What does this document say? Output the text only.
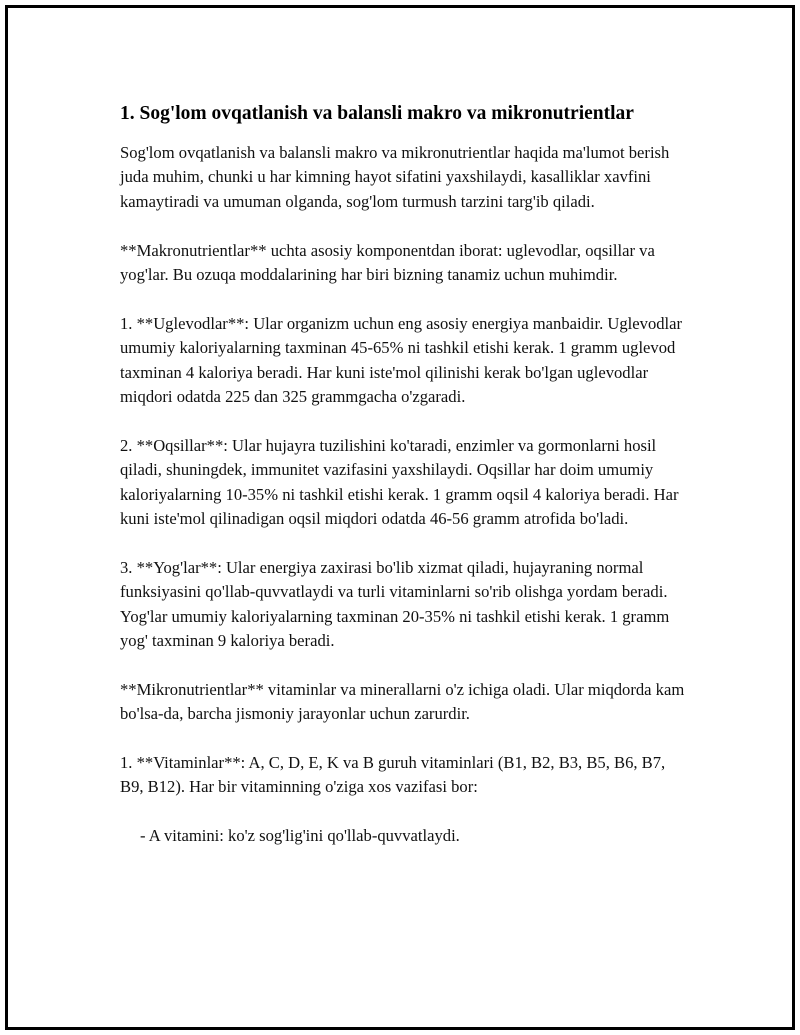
1. Sog'lom ovqatlanish va balansli makro va mikronutrientlar

Sog'lom ovqatlanish va balansli makro va mikronutrientlar haqida ma'lumot berish juda muhim, chunki u har kimning hayot sifatini yaxshilaydi, kasalliklar xavfini kamaytiradi va umuman olganda, sog'lom turmush tarzini targ'ib qiladi.

**Makronutrientlar** uchta asosiy komponentdan iborat: uglevodlar, oqsillar va yog'lar. Bu ozuqa moddalarining har biri bizning tanamiz uchun muhimdir.

1. **Uglevodlar**: Ular organizm uchun eng asosiy energiya manbaidir. Uglevodlar umumiy kaloriyalarning taxminan 45-65% ni tashkil etishi kerak. 1 gramm uglevod taxminan 4 kaloriya beradi. Har kuni iste'mol qilinishi kerak bo'lgan uglevodlar miqdori odatda 225 dan 325 grammgacha o'zgaradi.

2. **Oqsillar**: Ular hujayra tuzilishini ko'taradi, enzimler va gormonlarni hosil qiladi, shuningdek, immunitet vazifasini yaxshilaydi. Oqsillar har doim umumiy kaloriyalarning 10-35% ni tashkil etishi kerak. 1 gramm oqsil 4 kaloriya beradi. Har kuni iste'mol qilinadigan oqsil miqdori odatda 46-56 gramm atrofida bo'ladi.

3. **Yog'lar**: Ular energiya zaxirasi bo'lib xizmat qiladi, hujayraning normal funksiyasini qo'llab-quvvatlaydi va turli vitaminlarni so'rib olishga yordam beradi. Yog'lar umumiy kaloriyalarning taxminan 20-35% ni tashkil etishi kerak. 1 gramm yog' taxminan 9 kaloriya beradi.

**Mikronutrientlar** vitaminlar va minerallarni o'z ichiga oladi. Ular miqdorda kam bo'lsa-da, barcha jismoniy jarayonlar uchun zarurdir.

1. **Vitaminlar**: A, C, D, E, K va B guruh vitaminlari (B1, B2, B3, B5, B6, B7, B9, B12). Har bir vitaminning o'ziga xos vazifasi bor:

- A vitamini: ko'z sog'lig'ini qo'llab-quvvatlaydi.
